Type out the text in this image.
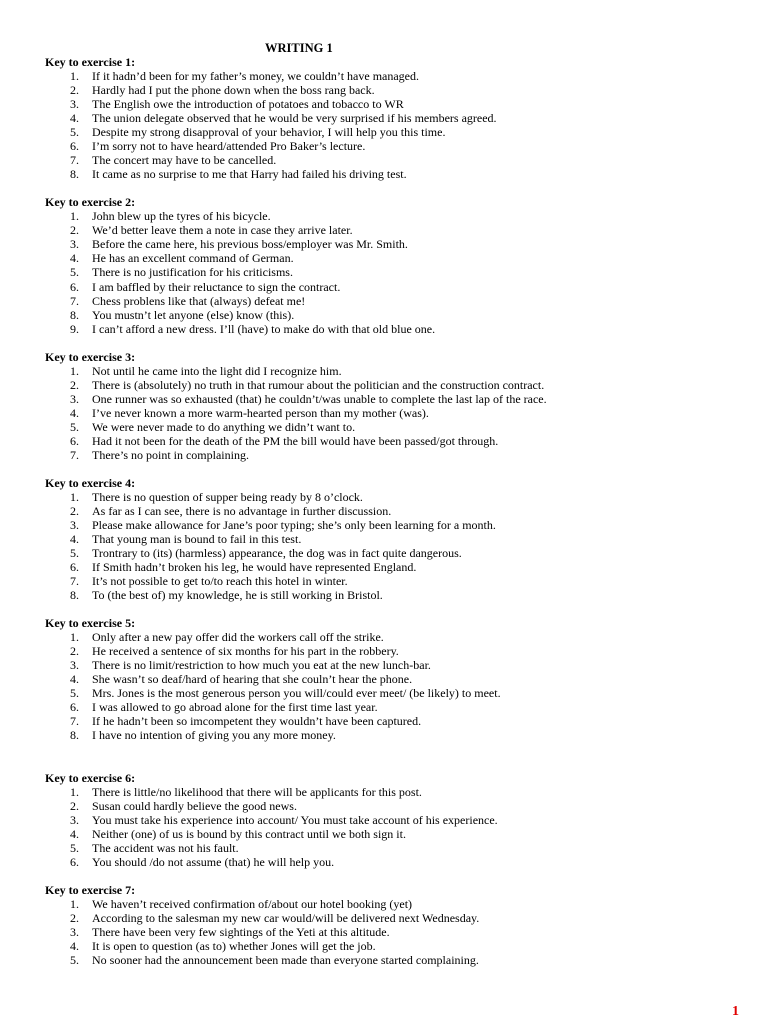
WRITING 1
Key to exercise 1:
1. If it hadn’d been for my father’s money, we couldn’t have managed.
2. Hardly had I put the phone down when the boss rang back.
3. The English owe the introduction of potatoes and tobacco to WR
4. The union delegate observed that he would be very surprised if his members agreed.
5. Despite my strong disapproval of your behavior, I will help you this time.
6. I’m sorry not to have heard/attended Pro Baker’s lecture.
7. The concert may have to be cancelled.
8. It came as no surprise to me that Harry had failed his driving test.
Key to exercise 2:
1. John blew up the tyres of his bicycle.
2. We’d better leave them a note in case they arrive later.
3. Before the came here, his previous boss/employer was Mr. Smith.
4. He has an excellent command of German.
5. There is no justification for his criticisms.
6. I am baffled by their reluctance to sign the contract.
7. Chess problens like that (always) defeat me!
8. You mustn’t let anyone (else) know (this).
9. I can’t afford a new dress. I’ll (have) to make do with that old blue one.
Key to exercise 3:
1. Not until he came into the light did I recognize him.
2. There is (absolutely) no truth in that rumour about the politician and the construction contract.
3. One runner was so exhausted (that) he couldn’t/was unable to complete the last lap of the race.
4. I’ve never known a more warm-hearted person than my mother (was).
5. We were never made to do anything we didn’t want to.
6. Had it not been for the death of the PM the bill would have been passed/got through.
7. There’s no point in complaining.
Key to exercise 4:
1. There is no question of supper being ready by 8 o’clock.
2. As far as I can see, there is no advantage in further discussion.
3. Please make allowance for Jane’s poor typing; she’s only been learning for a month.
4. That young man is bound to fail in this test.
5. Trontrary to (its) (harmless) appearance, the dog was in fact quite dangerous.
6. If Smith hadn’t broken his leg, he would have represented England.
7. It’s not possible to get to/to reach this hotel in winter.
8. To (the best of) my knowledge, he is still working in Bristol.
Key to exercise 5:
1. Only after a new pay offer did the workers call off the strike.
2. He received a sentence of six months for his part in the robbery.
3. There is no limit/restriction to how much you eat at the new lunch-bar.
4. She wasn’t so deaf/hard of hearing that she couln’t hear the phone.
5. Mrs. Jones is the most generous person you will/could ever meet/ (be likely) to meet.
6. I was allowed to go abroad alone for the first time last year.
7. If he hadn’t been so imcompetent they wouldn’t have been captured.
8. I have no intention of giving you any more money.
Key to exercise 6:
1. There is little/no likelihood that there will be applicants for this post.
2. Susan could hardly believe the good news.
3. You must take his experience into account/ You must take account of his experience.
4. Neither (one) of us is bound by this contract until we both sign it.
5. The accident was not his fault.
6. You should /do not assume (that) he will help you.
Key to exercise 7:
1. We haven’t received confirmation of/about our hotel booking (yet)
2. According to the salesman my new car would/will be delivered next Wednesday.
3. There have been very few sightings of the Yeti at this altitude.
4. It is open to question (as to) whether Jones will get the job.
5. No sooner had the announcement been made than everyone started complaining.
1
